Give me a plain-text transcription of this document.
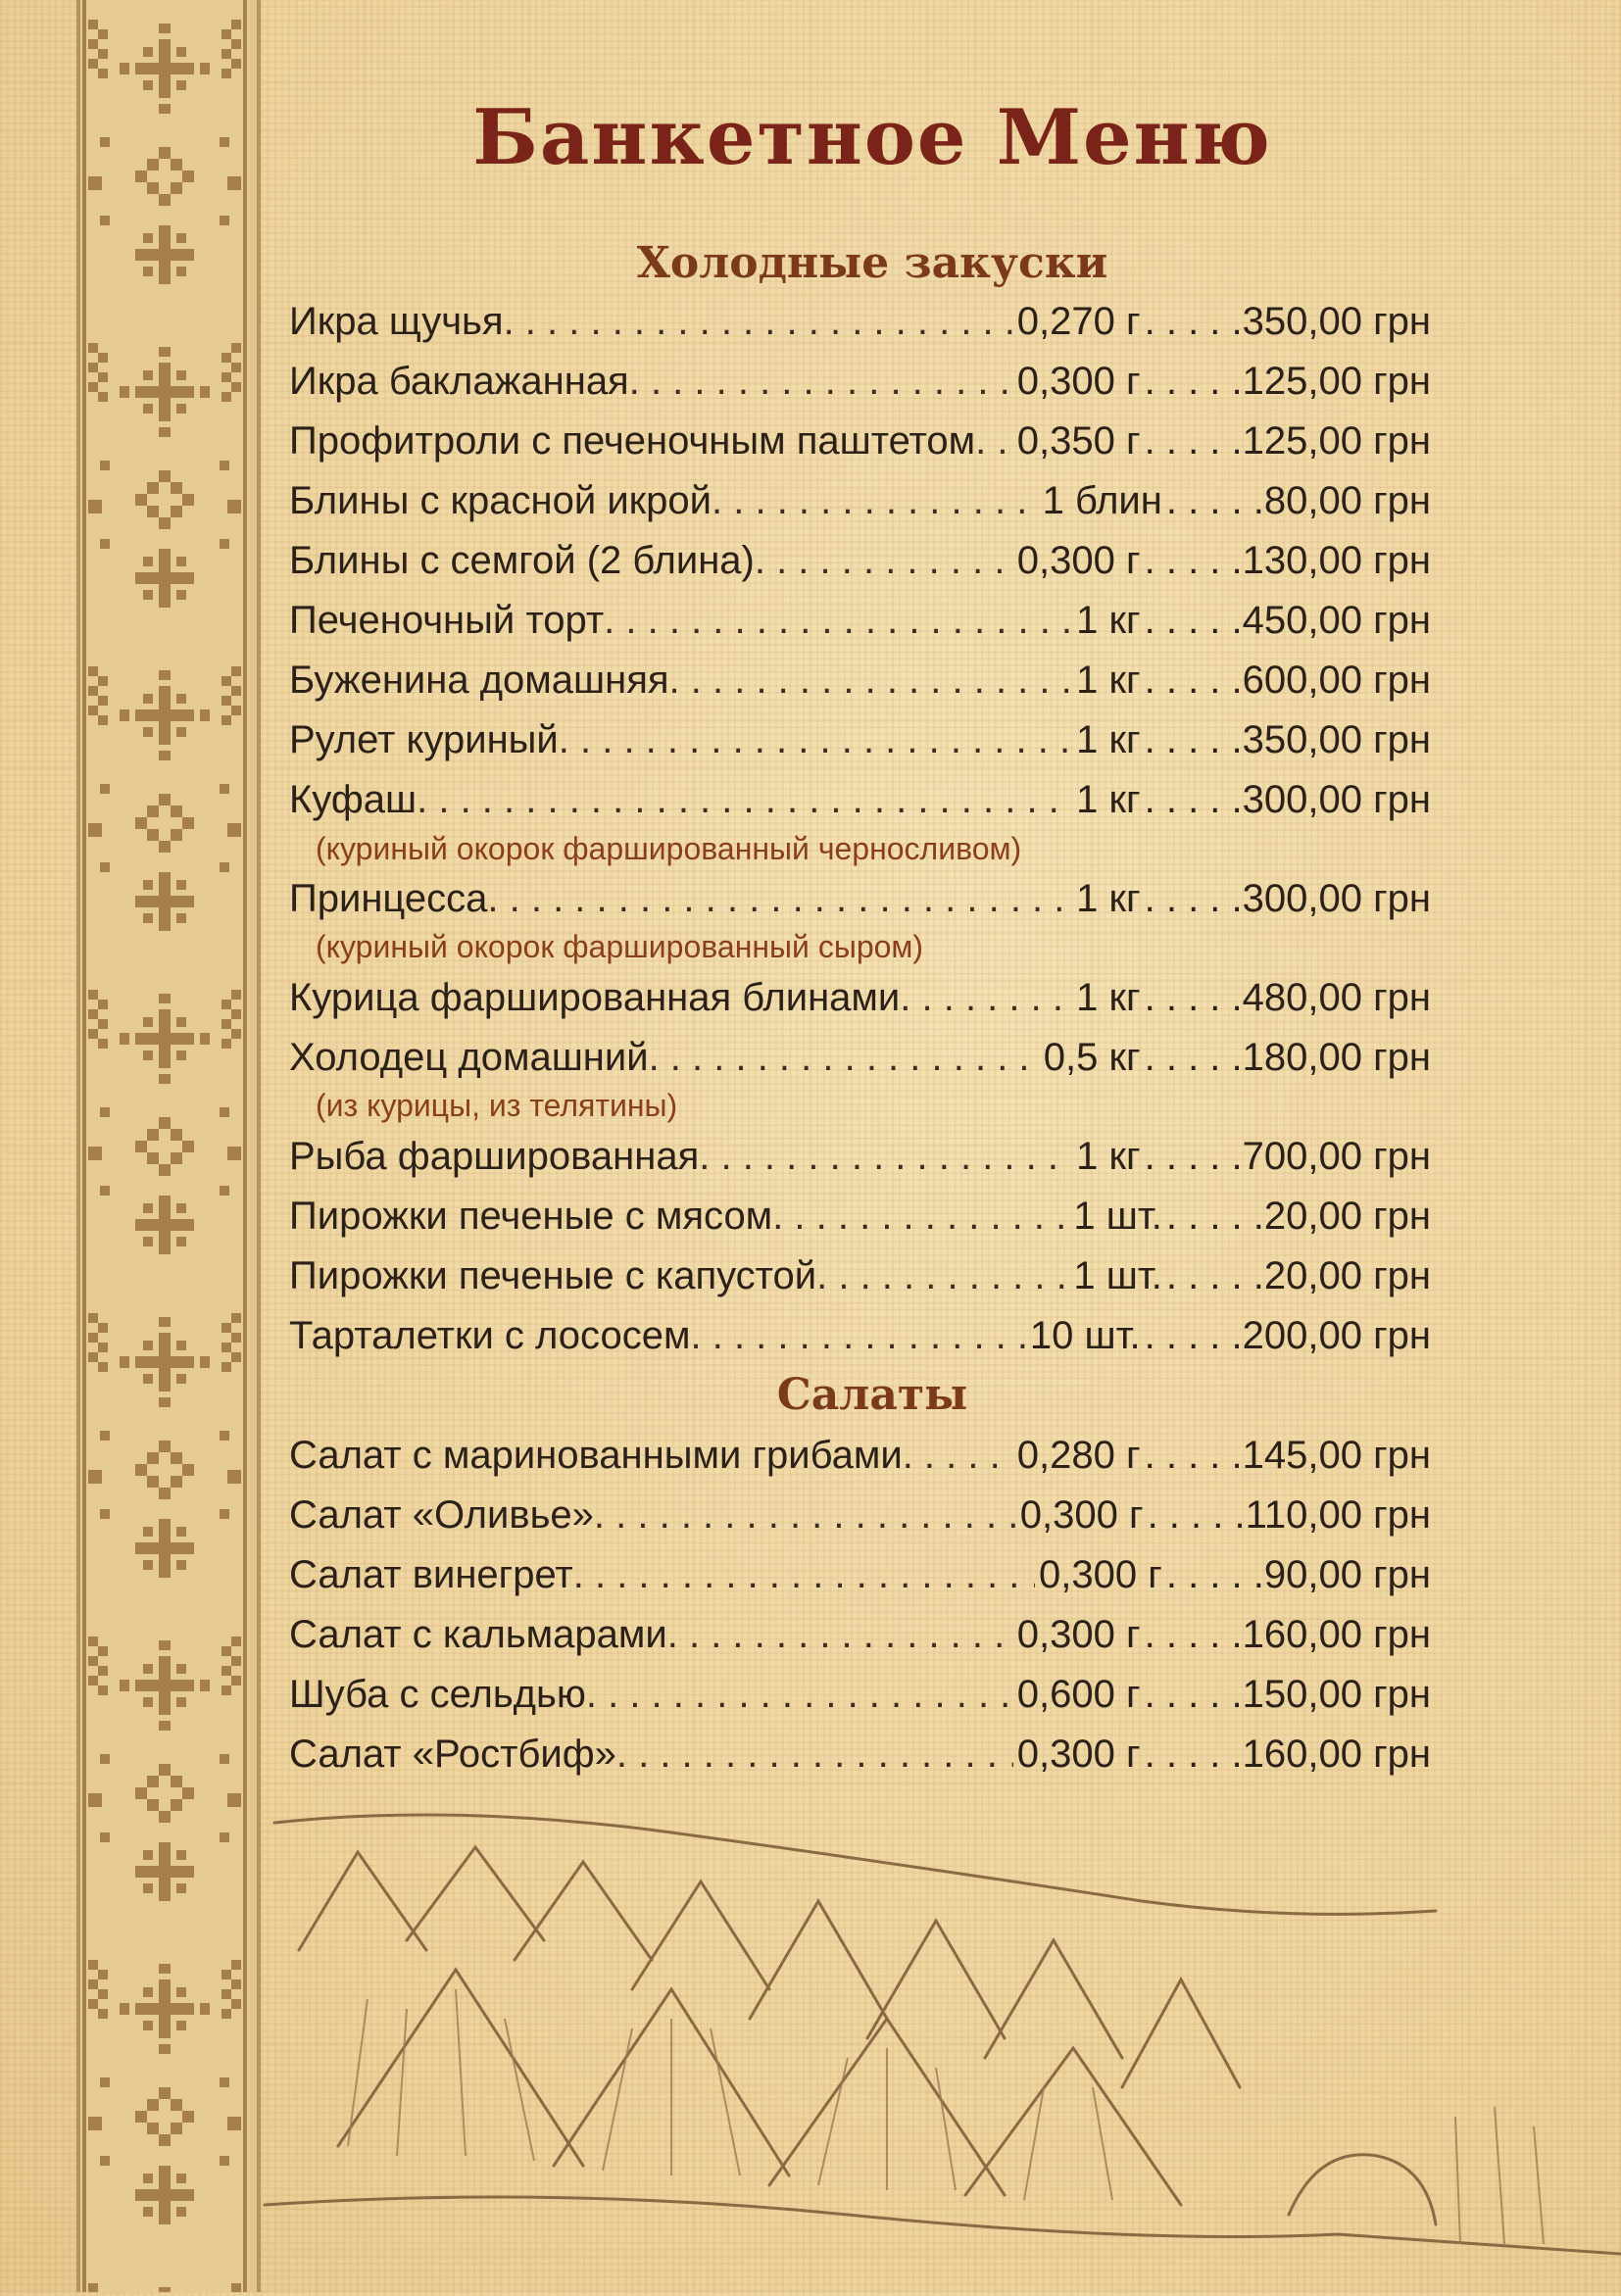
Банкетное Меню
Холодные закуски
Икра щучья . . .	0,270 г . . .	350,00 грн
Икра баклажанная . . .	0,300 г . . .	125,00 грн
Профитроли с печеночным паштетом . . . 0,350 г . . .	125,00 грн
Блины с красной икрой . . .	1 блин . . .	80,00 грн
Блины с семгой (2 блина) . . .	0,300 г . . .	130,00 грн
Печеночный торт . . .	1 кг . . .	450,00 грн
Буженина домашняя . . .	1 кг . . .	600,00 грн
Рулет куриный . . .	1 кг . . .	350,00 грн
Куфаш . . .	1 кг . . .	300,00 грн
(куриный окорок фаршированный черносливом)
Принцесса . . .	1 кг . . .	300,00 грн
(куриный окорок фаршированный сыром)
Курица фаршированная блинами . . .	1 кг . . .	480,00 грн
Холодец домашний . . .	0,5 кг . . .	180,00 грн
(из курицы, из телятины)
Рыба фаршированная . . .	1 кг . . .	700,00 грн
Пирожки печеные с мясом . . .	1 шт. . . .	20,00 грн
Пирожки печеные с капустой . . .	1 шт. . . .	20,00 грн
Тарталетки с лососем . . .	10 шт. . . .	200,00 грн
Салаты
Салат с маринованными грибами . . .	0,280 г . . .	145,00 грн
Салат «Оливье» . . .	0,300 г . . .	110,00 грн
Салат винегрет . . .	0,300 г . . .	90,00 грн
Салат с кальмарами . . .	0,300 г . . .	160,00 грн
Шуба с сельдью . . .	0,600 г . . .	150,00 грн
Салат «Ростбиф» . . .	0,300 г . . .	160,00 грн
